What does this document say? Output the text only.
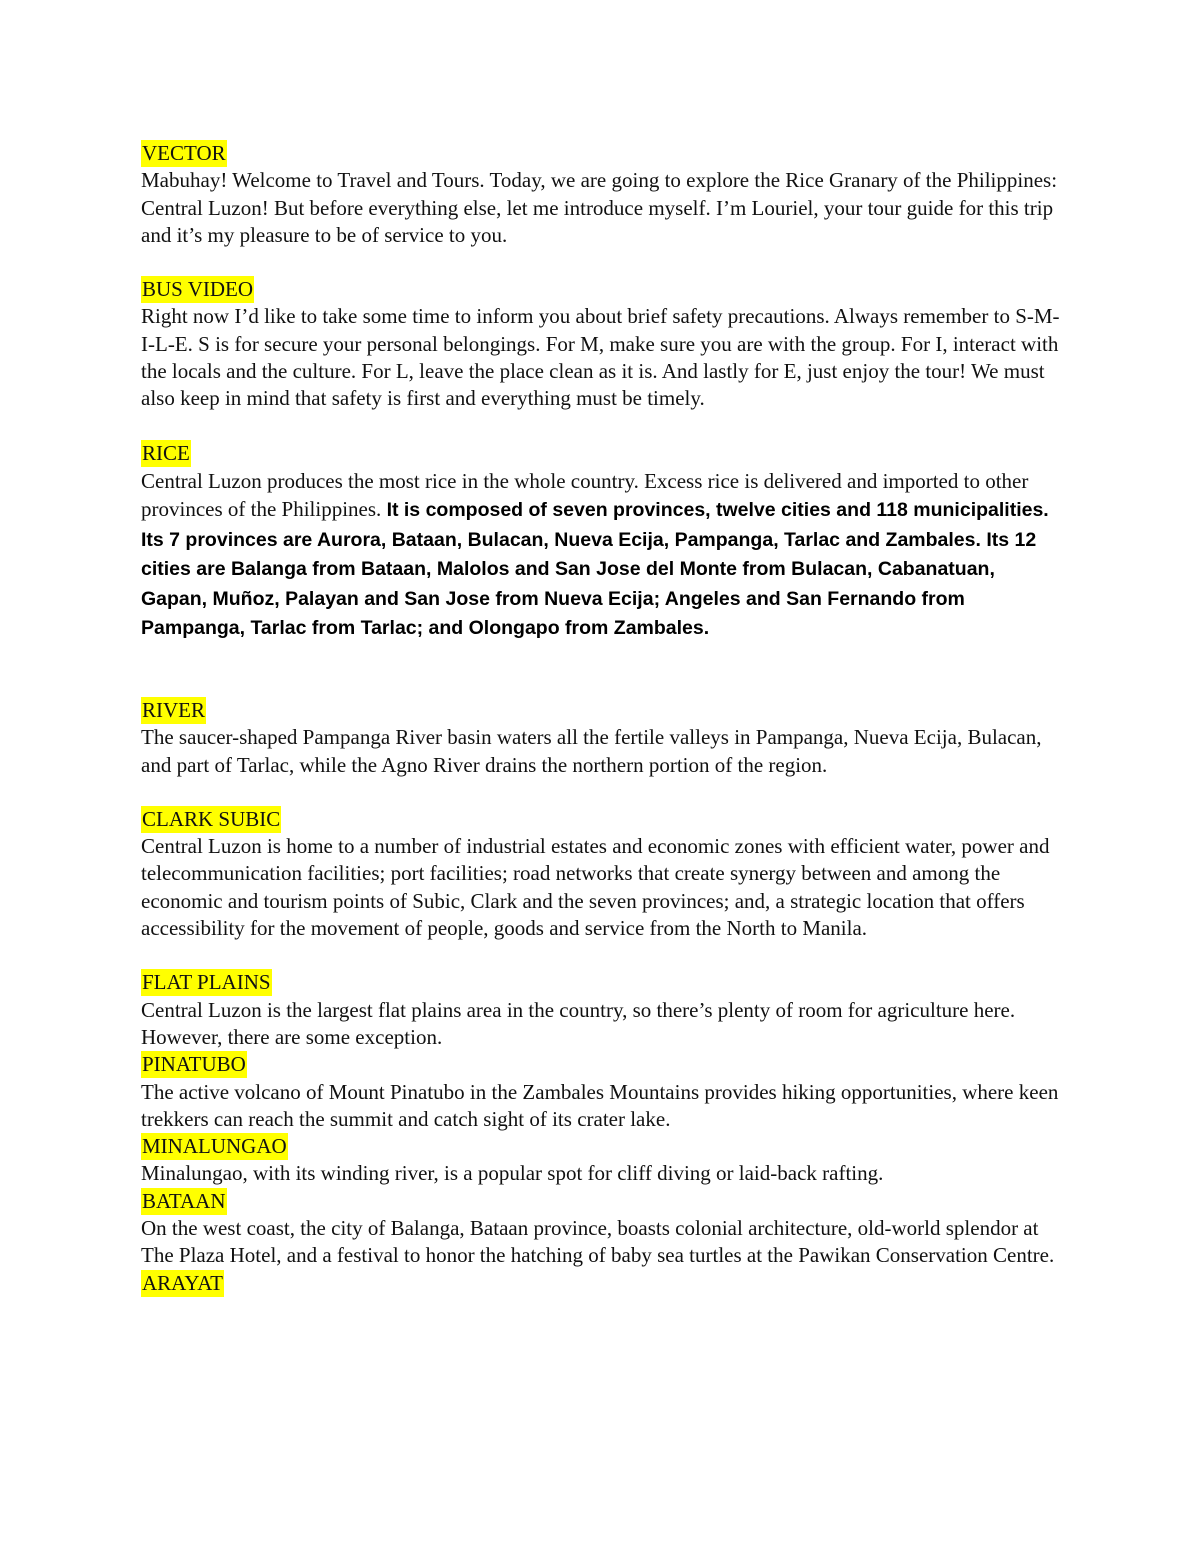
VECTOR

Mabuhay! Welcome to Travel and Tours. Today, we are going to explore the Rice Granary of the Philippines: Central Luzon! But before everything else, let me introduce myself. I’m Louriel, your tour guide for this trip and it’s my pleasure to be of service to you.

BUS VIDEO

Right now I’d like to take some time to inform you about brief safety precautions. Always remember to S-M-I-L-E. S is for secure your personal belongings. For M, make sure you are with the group. For I, interact with the locals and the culture. For L, leave the place clean as it is. And lastly for E, just enjoy the tour! We must also keep in mind that safety is first and everything must be timely.

RICE

Central Luzon produces the most rice in the whole country. Excess rice is delivered and imported to other provinces of the Philippines. It is composed of seven provinces, twelve cities and 118 municipalities. Its 7 provinces are Aurora, Bataan, Bulacan, Nueva Ecija, Pampanga, Tarlac and Zambales. Its 12 cities are Balanga from Bataan, Malolos and San Jose del Monte from Bulacan, Cabanatuan, Gapan, Muñoz, Palayan and San Jose from Nueva Ecija; Angeles and San Fernando from Pampanga, Tarlac from Tarlac; and Olongapo from Zambales.

RIVER

The saucer-shaped Pampanga River basin waters all the fertile valleys in Pampanga, Nueva Ecija, Bulacan, and part of Tarlac, while the Agno River drains the northern portion of the region.

CLARK SUBIC

Central Luzon is home to a number of industrial estates and economic zones with efficient water, power and telecommunication facilities; port facilities; road networks that create synergy between and among the economic and tourism points of Subic, Clark and the seven provinces; and, a strategic location that offers accessibility for the movement of people, goods and service from the North to Manila.

FLAT PLAINS

Central Luzon is the largest flat plains area in the country, so there’s plenty of room for agriculture here. However, there are some exception.

PINATUBO

The active volcano of Mount Pinatubo in the Zambales Mountains provides hiking opportunities, where keen trekkers can reach the summit and catch sight of its crater lake.

MINALUNGAO

Minalungao, with its winding river, is a popular spot for cliff diving or laid-back rafting.

BATAAN

On the west coast, the city of Balanga, Bataan province, boasts colonial architecture, old-world splendor at The Plaza Hotel, and a festival to honor the hatching of baby sea turtles at the Pawikan Conservation Centre.

ARAYAT
